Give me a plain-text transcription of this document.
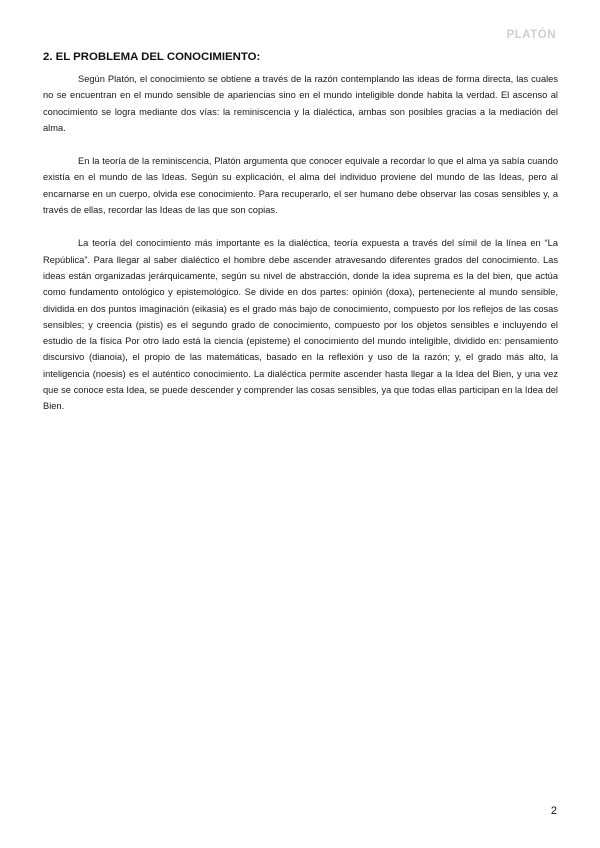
PLATÓN
2. EL PROBLEMA DEL CONOCIMIENTO:

Según Platón, el conocimiento se obtiene a través de la razón contemplando las ideas de forma directa, las cuales no se encuentran en el mundo sensible de apariencias sino en el mundo inteligible donde habita la verdad. El ascenso al conocimiento se logra mediante dos vías: la reminiscencia y la dialéctica, ambas son posibles gracias a la mediación del alma.

En la teoría de la reminiscencia, Platón argumenta que conocer equivale a recordar lo que el alma ya sabía cuando existía en el mundo de las Ideas. Según su explicación, el alma del individuo proviene del mundo de las Ideas, pero al encarnarse en un cuerpo, olvida ese conocimiento. Para recuperarlo, el ser humano debe observar las cosas sensibles y, a través de ellas, recordar las Ideas de las que son copias.

La teoría del conocimiento más importante es la dialéctica, teoría expuesta a través del símil de la línea en “La República”. Para llegar al saber dialéctico el hombre debe ascender atravesando diferentes grados del conocimiento. Las ideas están organizadas jerárquicamente, según su nivel de abstracción, donde la idea suprema es la del bien, que actúa como fundamento ontológico y epistemológico. Se divide en dos partes: opinión (doxa), perteneciente al mundo sensible, dividida en dos puntos imaginación (eikasia) es el grado más bajo de conocimiento, compuesto por los reflejos de las cosas sensibles; y creencia (pistis) es el segundo grado de conocimiento, compuesto por los objetos sensibles e incluyendo el estudio de la física Por otro lado está la ciencia (episteme) el conocimiento del mundo inteligible, dividido en: pensamiento discursivo (dianoia), el propio de las matemáticas, basado en la reflexión y uso de la razón; y, el grado más alto, la inteligencia (noesis) es el auténtico conocimiento. La dialéctica permite ascender hasta llegar a la Idea del Bien, y una vez que se conoce esta Idea, se puede descender y comprender las cosas sensibles, ya que todas ellas participan en la Idea del Bien.

2
